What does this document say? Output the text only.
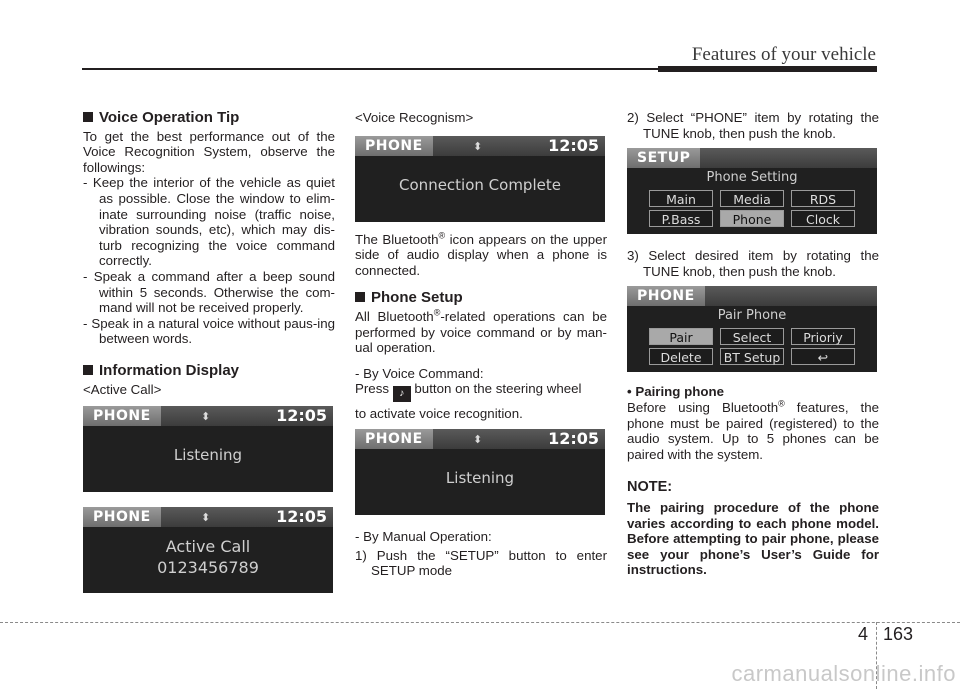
Features of your vehicle
Voice Operation Tip

To get the best performance out of the Voice Recognition System, observe the followings:

- Keep the interior of the vehicle as quiet as possible. Close the window to elim-inate surrounding noise (traffic noise, vibration sounds, etc), which may dis-turb recognizing the voice command correctly.

- Speak a command after a beep sound within 5 seconds. Otherwise the com-mand will not be received properly.

- Speak in a natural voice without paus-ing between words.

Information Display

<Active Call>

PHONE	⬍	12:05
Listening
PHONE	⬍	12:05
Active Call
0123456789

<Voice Recognism>

PHONE	⬍	12:05
Connection Complete

The Bluetooth® icon appears on the upper side of audio display when a phone is connected.

Phone Setup

All Bluetooth®-related operations can be performed by voice command or by man-ual operation.

- By Voice Command:

Press ♪ button on the steering wheel

to activate voice recognition.

PHONE	⬍	12:05
Listening

- By Manual Operation:

1) Push the “SETUP” button to enter SETUP mode

2) Select “PHONE” item by rotating the TUNE knob, then push the knob.

SETUP
Phone Setting
Main	Media	RDS
P.Bass	Phone	Clock

3) Select desired item by rotating the TUNE knob, then push the knob.

PHONE
Pair Phone
Pair	Select	Prioriy
Delete	BT Setup	↩

• Pairing phone

Before using Bluetooth® features, the phone must be paired (registered) to the audio system. Up to 5 phones can be paired with the system.

NOTE:

The pairing procedure of the phone varies according to each phone model. Before attempting to pair phone, please see your phone’s User’s Guide for instructions.

4 163
carmanualsonline.info
